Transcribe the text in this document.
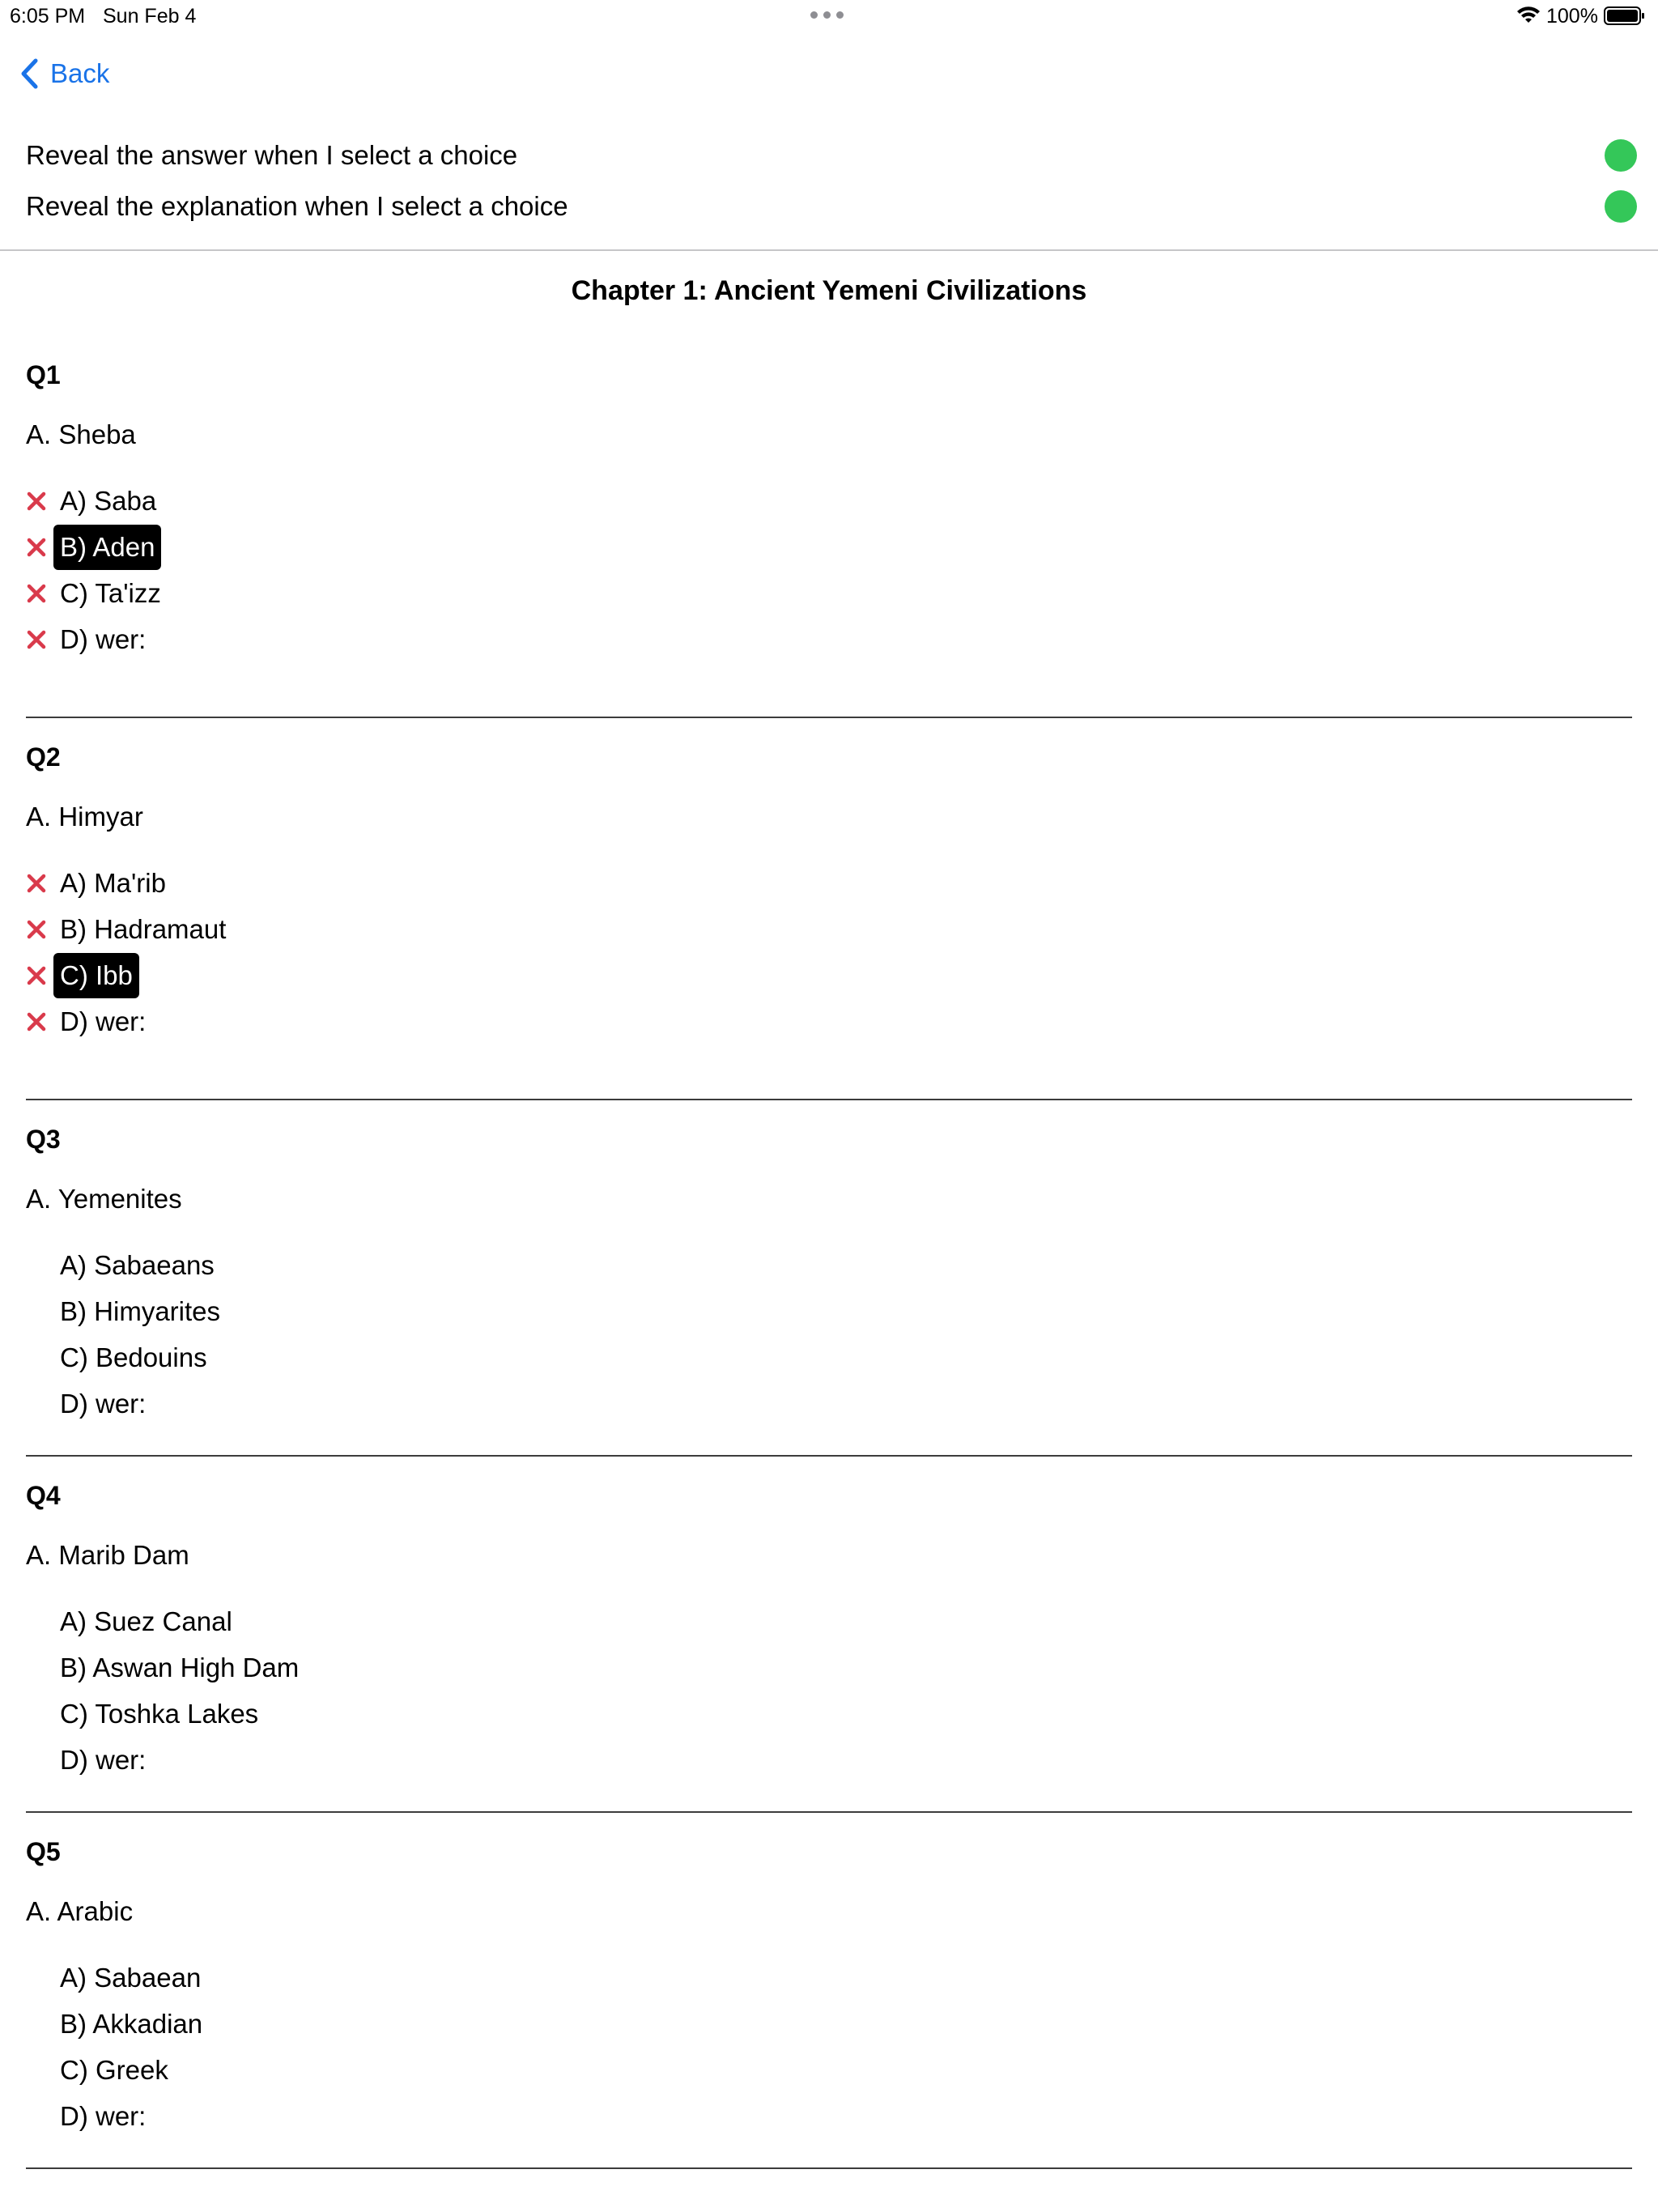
6:05 PM Sun Feb 4	100%
Back
Reveal the answer when I select a choice
Reveal the explanation when I select a choice
Chapter 1: Ancient Yemeni Civilizations
Q1
A. Sheba
A) Saba
B) Aden
C) Ta'izz
D) wer:
Q2
A. Himyar
A) Ma'rib
B) Hadramaut
C) Ibb
D) wer:
Q3
A. Yemenites
A) Sabaeans
B) Himyarites
C) Bedouins
D) wer:
Q4
A. Marib Dam
A) Suez Canal
B) Aswan High Dam
C) Toshka Lakes
D) wer:
Q5
A. Arabic
A) Sabaean
B) Akkadian
C) Greek
D) wer:
